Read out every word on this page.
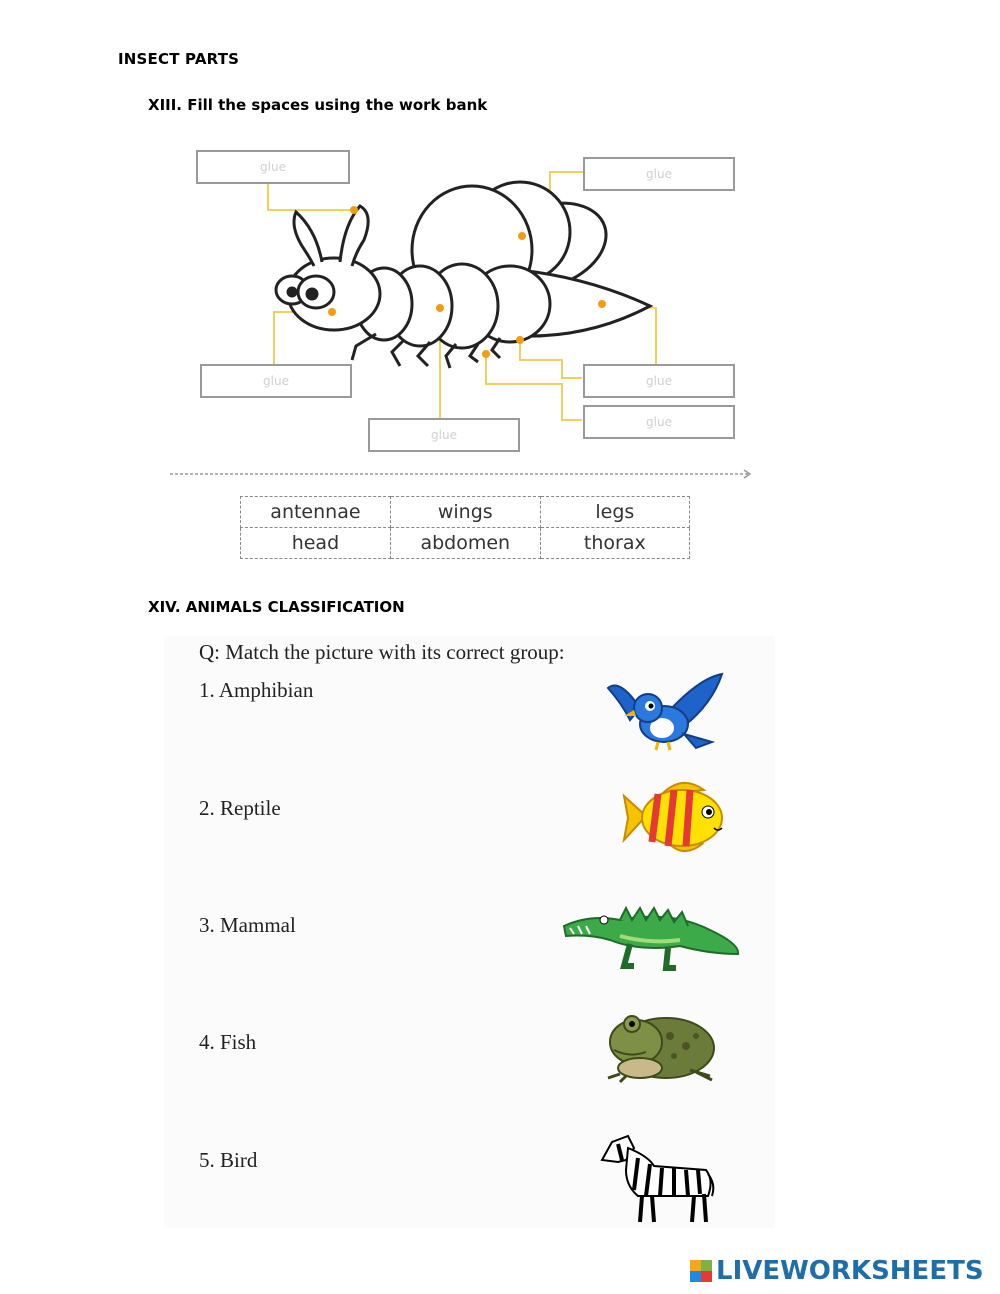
INSECT PARTS
XIII. Fill the spaces using the work bank
glue	glue
glue	glue
glue
glue
antennae	wings	legs
head	abdomen	thorax
XIV. ANIMALS CLASSIFICATION
Q: Match the picture with its correct group:
1. Amphibian
2. Reptile
3. Mammal
4. Fish
5. Bird
LIVEWORKSHEETS
